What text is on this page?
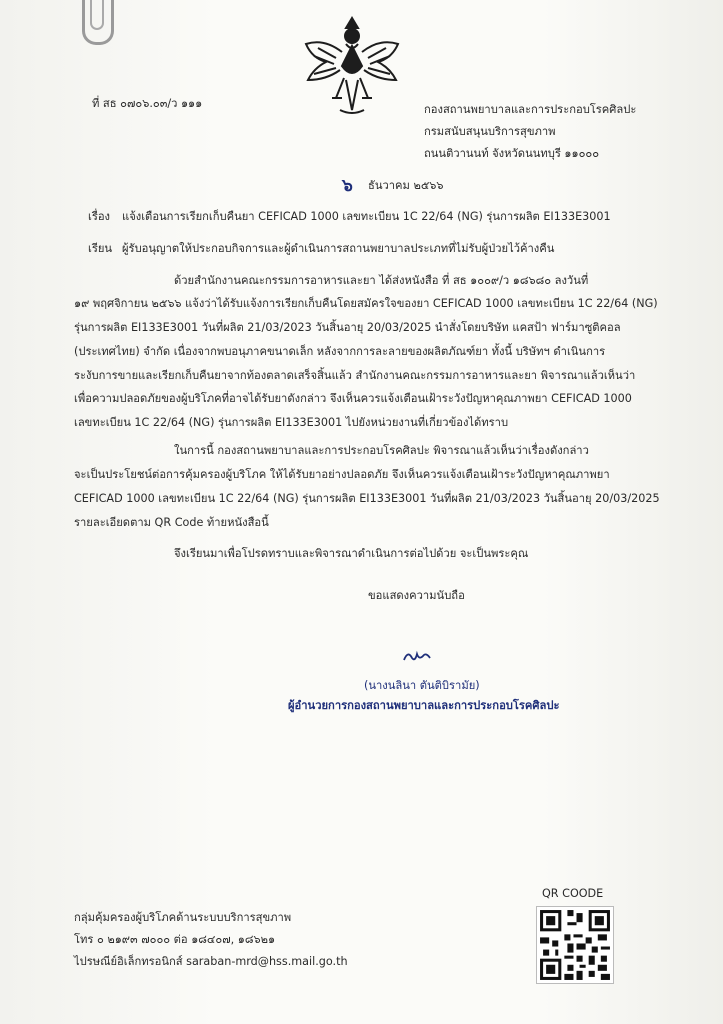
ที่ สธ ๐๗๐๖.๐๓/ว ๑๑๑	กองสถานพยาบาลและการประกอบโรคศิลปะ
กรมสนับสนุนบริการสุขภาพ
ถนนติวานนท์ จังหวัดนนทบุรี ๑๑๐๐๐
๖ ธันวาคม ๒๕๖๖
เรื่อง แจ้งเตือนการเรียกเก็บคืนยา CEFICAD 1000 เลขทะเบียน 1C 22/64 (NG) รุ่นการผลิต EI133E3001
เรียน ผู้รับอนุญาตให้ประกอบกิจการและผู้ดำเนินการสถานพยาบาลประเภทที่ไม่รับผู้ป่วยไว้ค้างคืน
ด้วยสำนักงานคณะกรรมการอาหารและยา ได้ส่งหนังสือ ที่ สธ ๑๐๐๙/ว ๑๘๖๘๐ ลงวันที่
๑๙ พฤศจิกายน ๒๕๖๖ แจ้งว่าได้รับแจ้งการเรียกเก็บคืนโดยสมัครใจของยา CEFICAD 1000 เลขทะเบียน 1C 22/64 (NG)
รุ่นการผลิต EI133E3001 วันที่ผลิต 21/03/2023 วันสิ้นอายุ 20/03/2025 นำสั่งโดยบริษัท แคสป้า ฟาร์มาซูติคอล
(ประเทศไทย) จำกัด เนื่องจากพบอนุภาคขนาดเล็ก หลังจากการละลายของผลิตภัณฑ์ยา ทั้งนี้ บริษัทฯ ดำเนินการ
ระงับการขายและเรียกเก็บคืนยาจากท้องตลาดเสร็จสิ้นแล้ว สำนักงานคณะกรรมการอาหารและยา พิจารณาแล้วเห็นว่า
เพื่อความปลอดภัยของผู้บริโภคที่อาจได้รับยาดังกล่าว จึงเห็นควรแจ้งเตือนเฝ้าระวังปัญหาคุณภาพยา CEFICAD 1000
เลขทะเบียน 1C 22/64 (NG) รุ่นการผลิต EI133E3001 ไปยังหน่วยงานที่เกี่ยวข้องได้ทราบ
ในการนี้ กองสถานพยาบาลและการประกอบโรคศิลปะ พิจารณาแล้วเห็นว่าเรื่องดังกล่าว
จะเป็นประโยชน์ต่อการคุ้มครองผู้บริโภค ให้ได้รับยาอย่างปลอดภัย จึงเห็นควรแจ้งเตือนเฝ้าระวังปัญหาคุณภาพยา
CEFICAD 1000 เลขทะเบียน 1C 22/64 (NG) รุ่นการผลิต EI133E3001 วันที่ผลิต 21/03/2023 วันสิ้นอายุ 20/03/2025
รายละเอียดตาม QR Code ท้ายหนังสือนี้
จึงเรียนมาเพื่อโปรดทราบและพิจารณาดำเนินการต่อไปด้วย จะเป็นพระคุณ
ขอแสดงความนับถือ
(นางนลินา ตันติบิรามัย)
ผู้อำนวยการกองสถานพยาบาลและการประกอบโรคศิลปะ
กลุ่มคุ้มครองผู้บริโภคด้านระบบบริการสุขภาพ
โทร ๐ ๒๑๙๓ ๗๐๐๐ ต่อ ๑๘๔๐๗, ๑๘๖๒๑
ไปรษณีย์อิเล็กทรอนิกส์ saraban-mrd@hss.mail.go.th
QR COODE
